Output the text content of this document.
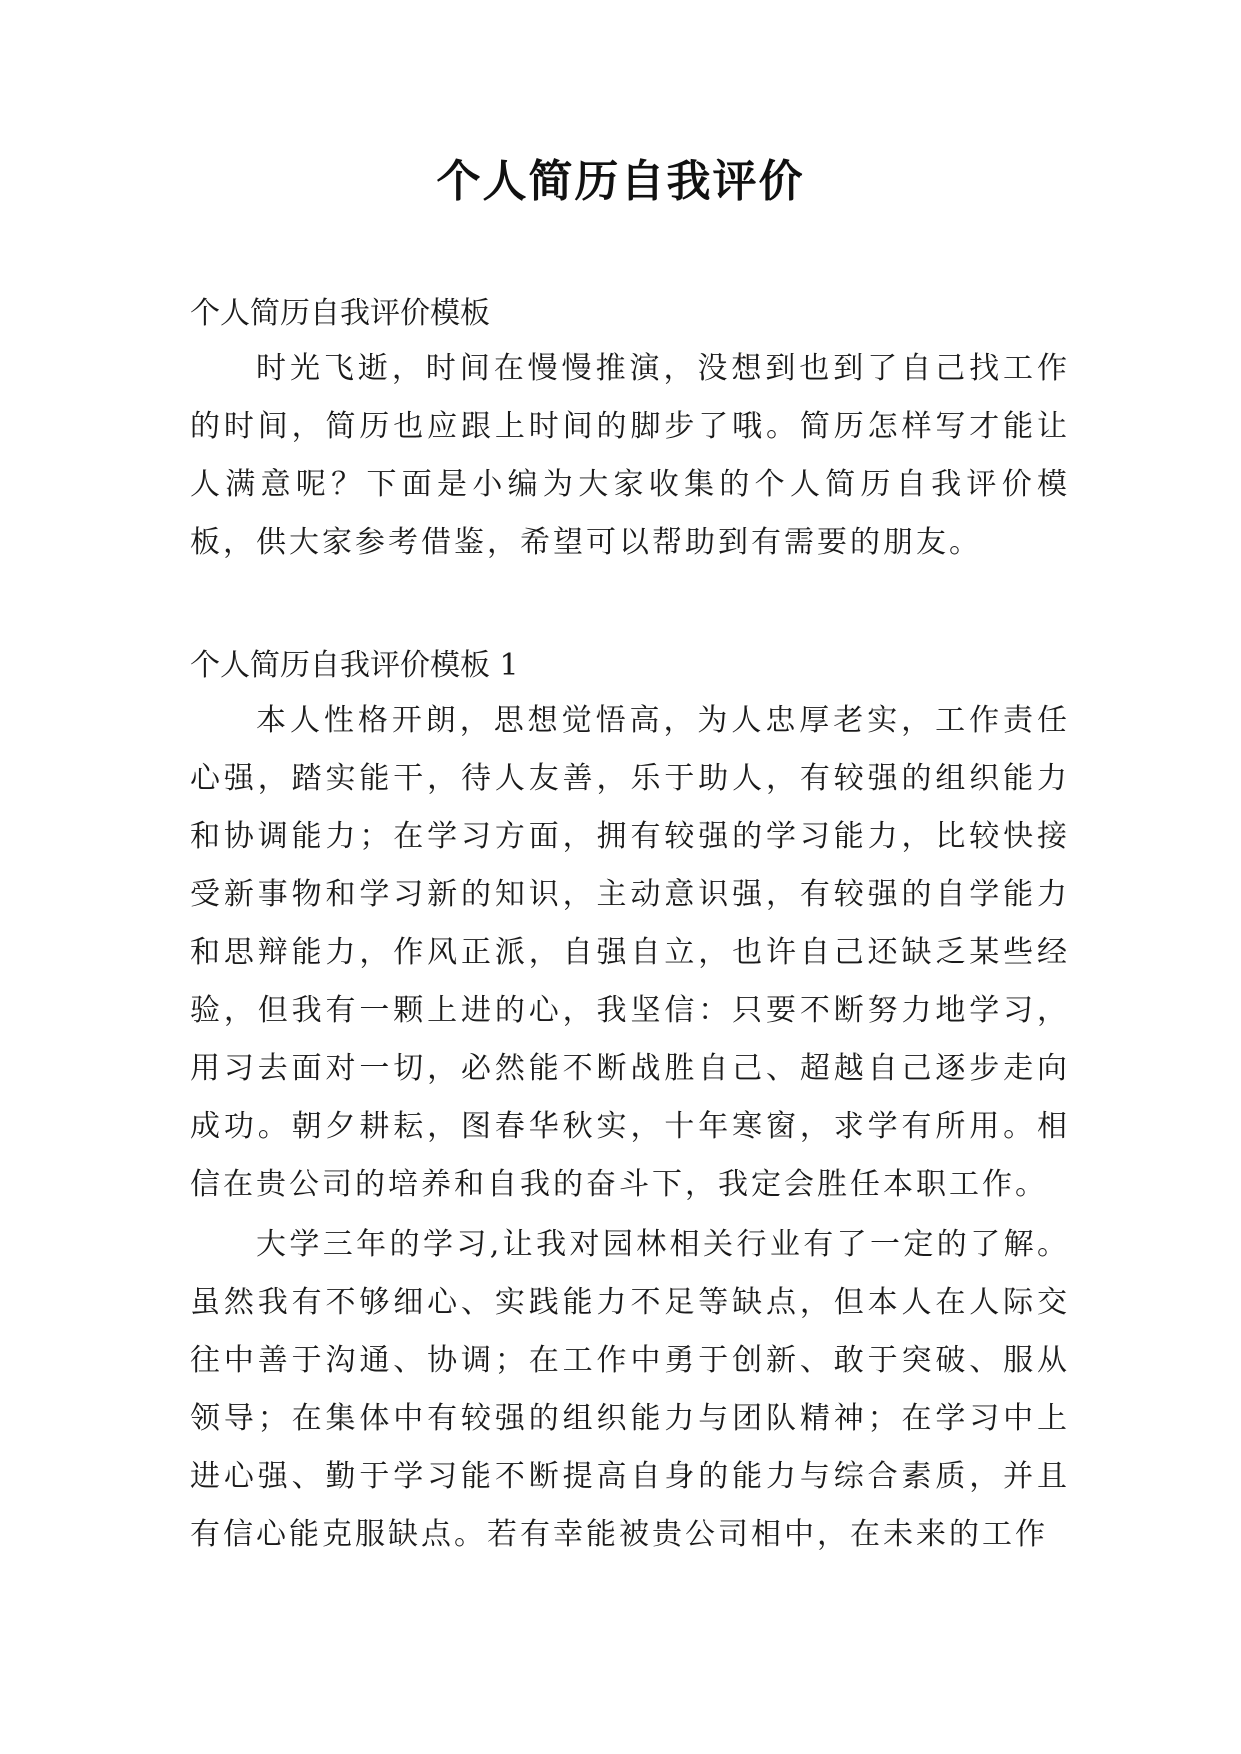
个人简历自我评价

个人简历自我评价模板

时光飞逝，时间在慢慢推演，没想到也到了自己找工作的时间，简历也应跟上时间的脚步了哦。简历怎样写才能让人满意呢？下面是小编为大家收集的个人简历自我评价模板，供大家参考借鉴，希望可以帮助到有需要的朋友。

个人简历自我评价模板 1

本人性格开朗，思想觉悟高，为人忠厚老实，工作责任心强，踏实能干，待人友善，乐于助人，有较强的组织能力和协调能力；在学习方面，拥有较强的学习能力，比较快接受新事物和学习新的知识，主动意识强，有较强的自学能力和思辩能力，作风正派，自强自立，也许自己还缺乏某些经验，但我有一颗上进的心，我坚信：只要不断努力地学习，用习去面对一切，必然能不断战胜自己、超越自己逐步走向成功。朝夕耕耘，图春华秋实，十年寒窗，求学有所用。相信在贵公司的培养和自我的奋斗下，我定会胜任本职工作。

大学三年的学习,让我对园林相关行业有了一定的了解。虽然我有不够细心、实践能力不足等缺点，但本人在人际交往中善于沟通、协调；在工作中勇于创新、敢于突破、服从领导；在集体中有较强的组织能力与团队精神；在学习中上进心强、勤于学习能不断提高自身的能力与综合素质，并且有信心能克服缺点。若有幸能被贵公司相中，在未来的工作
